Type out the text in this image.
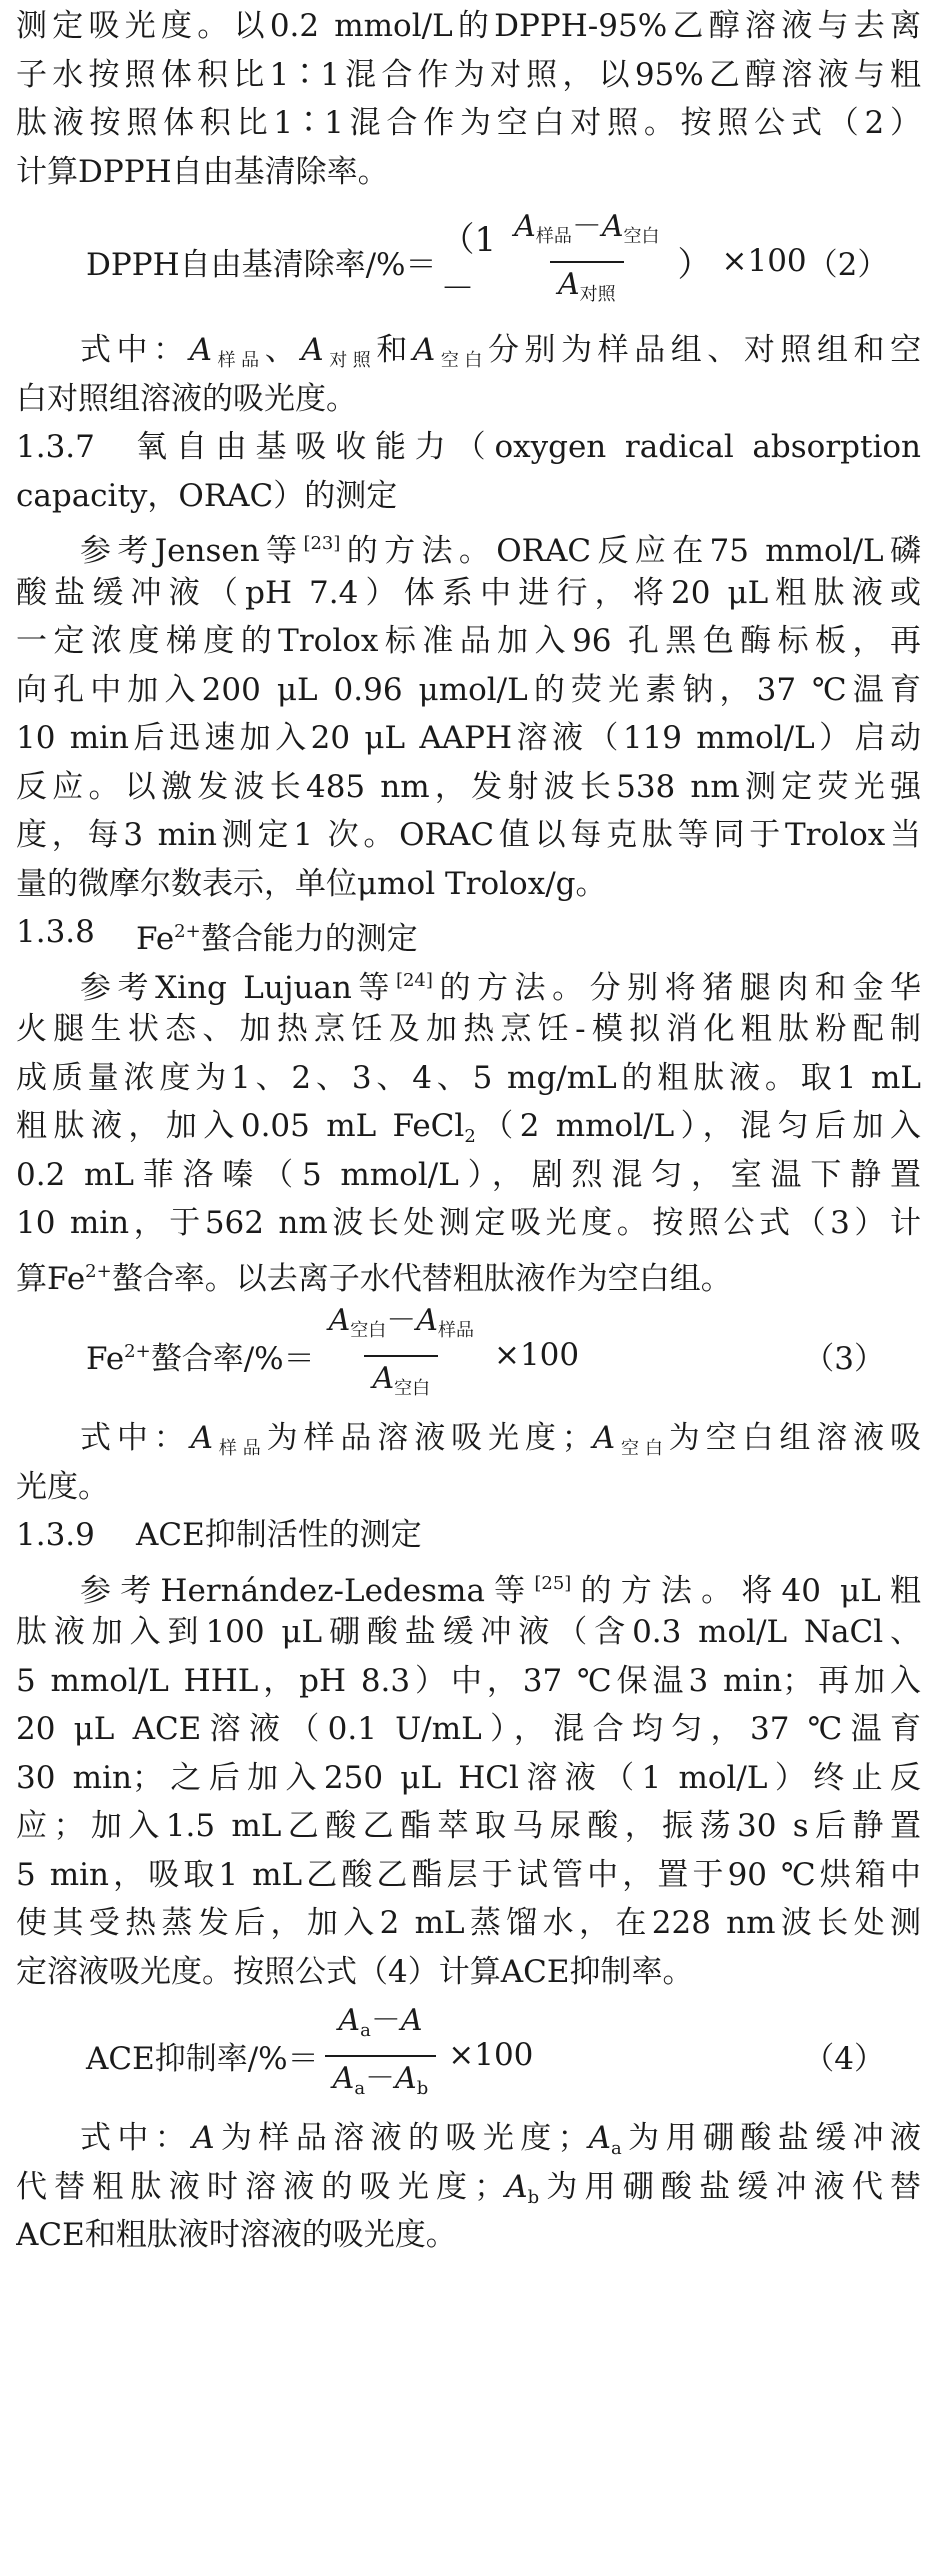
测定吸光度。以0.2 mmol/L的DPPH-95%乙醇溶液与去离
子水按照体积比1∶1混合作为对照，以95%乙醇溶液与粗
肽液按照体积比1∶1混合作为空白对照。按照公式（2）
计算DPPH自由基清除率。
DPPH自由基清除率/%＝
（1－	$\frac{A_{样品}-A_{空白}}{A_{对照}}$ ） ×100 （2）
式中：$A_{样品}$、$A_{对照}$和$A_{空白}$分别为样品组、对照组和空
白对照组溶液的吸光度。
1.3.7	氧自由基吸收能力（oxygen radical absorption
capacity，ORAC）的测定
参考Jensen等[23]的方法。ORAC反应在75 mmol/L磷
酸盐缓冲液（pH 7.4）体系中进行，将20 μL粗肽液或
一定浓度梯度的Trolox标准品加入96 孔黑色酶标板，再
向孔中加入200 μL 0.96 μmol/L的荧光素钠，37 ℃温育
10 min后迅速加入20 μL AAPH溶液（119 mmol/L）启动
反应。以激发波长485 nm，发射波长538 nm测定荧光强
度，每3 min测定1 次。ORAC值以每克肽等同于Trolox当
量的微摩尔数表示，单位μmol Trolox/g。
1.3.8	$Fe^{2+}$螯合能力的测定
参考Xing Lujuan等[24]的方法。分别将猪腿肉和金华
火腿生状态、加热烹饪及加热烹饪-模拟消化粗肽粉配制
成质量浓度为1、2、3、4、5 mg/mL的粗肽液。取1 mL
粗肽液，加入0.05 mL FeCl$_2$（2 mmol/L），混匀后加入
0.2 mL菲洛嗪（5 mmol/L），剧烈混匀，室温下静置
10 min，于562 nm波长处测定吸光度。按照公式（3）计
算$Fe^{2+}$螯合率。以去离子水代替粗肽液作为空白组。
$Fe^{2+}$螯合率/%＝ $\frac{A_{空白}-A_{样品}}{A_{空白}} \times 100$	（3）
式中：$A_{样品}$为样品溶液吸光度；$A_{空白}$为空白组溶液吸
光度。
1.3.9	ACE抑制活性的测定
参考Hernández-Ledesma等[25]的方法。将40 μL粗
肽液加入到100 μL硼酸盐缓冲液（含0.3 mol/L NaCl、
5 mmol/L HHL，pH 8.3）中，37 ℃保温3 min；再加入
20 μL ACE溶液（0.1 U/mL），混合均匀，37 ℃温育
30 min；之后加入250 μL HCl溶液（1 mol/L）终止反
应；加入1.5 mL乙酸乙酯萃取马尿酸，振荡30 s后静置
5 min，吸取1 mL乙酸乙酯层于试管中，置于90 ℃烘箱中
使其受热蒸发后，加入2 mL蒸馏水，在228 nm波长处测
定溶液吸光度。按照公式（4）计算ACE抑制率。
ACE抑制率/%＝ $\frac{A_a-A}{A_a-A_b} \times 100$	（4）
式中：A为样品溶液的吸光度；$A_a$为用硼酸盐缓冲液
代替粗肽液时溶液的吸光度；$A_b$为用硼酸盐缓冲液代替
ACE和粗肽液时溶液的吸光度。
